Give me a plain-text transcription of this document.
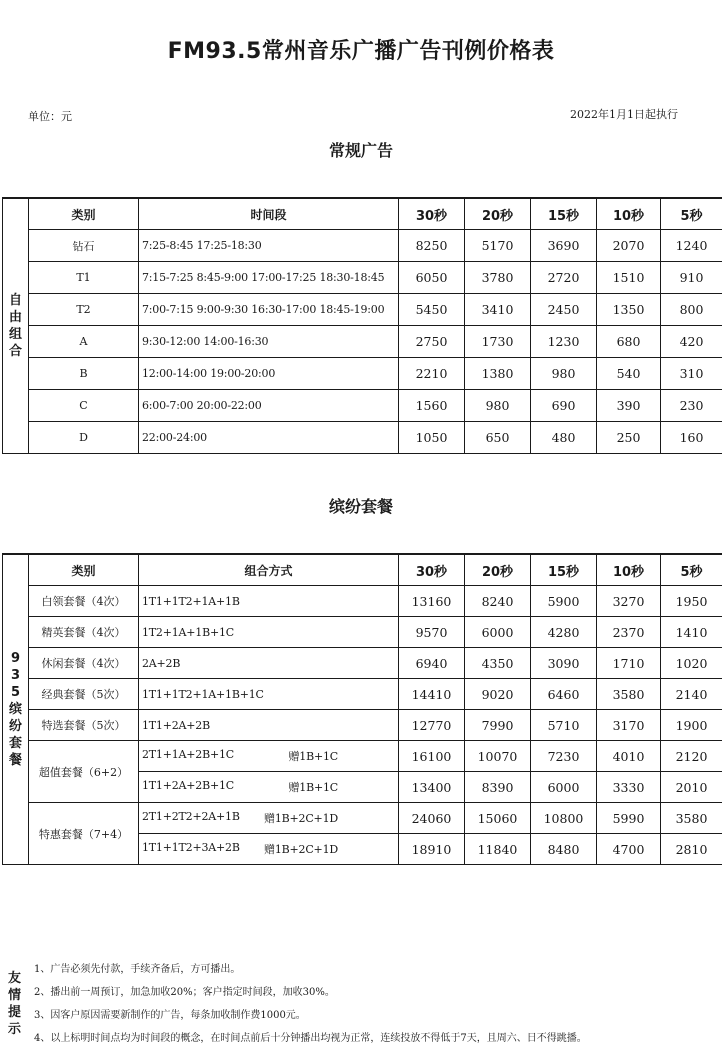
FM93.5常州音乐广播广告刊例价格表
单位：元	2022年1月1日起执行
常规广告
自由组合	类别	时间段	30秒	20秒	15秒	10秒	5秒
	钻石	7:25-8:45 17:25-18:30	8250	5170	3690	2070	1240
	T1	7:15-7:25 8:45-9:00 17:00-17:25 18:30-18:45	6050	3780	2720	1510	910
	T2	7:00-7:15 9:00-9:30 16:30-17:00 18:45-19:00	5450	3410	2450	1350	800
	A	9:30-12:00 14:00-16:30	2750	1730	1230	680	420
	B	12:00-14:00 19:00-20:00	2210	1380	980	540	310
	C	6:00-7:00 20:00-22:00	1560	980	690	390	230
	D	22:00-24:00	1050	650	480	250	160
缤纷套餐
935缤纷套餐	类别	组合方式	30秒	20秒	15秒	10秒	5秒
	白领套餐（4次）	1T1+1T2+1A+1B	13160	8240	5900	3270	1950
	精英套餐（4次）	1T2+1A+1B+1C	9570	6000	4280	2370	1410
	休闲套餐（4次）	2A+2B	6940	4350	3090	1710	1020
	经典套餐（5次）	1T1+1T2+1A+1B+1C	14410	9020	6460	3580	2140
	特选套餐（5次）	1T1+2A+2B	12770	7990	5710	3170	1900
	超值套餐（6+2）	2T1+1A+2B+1C 赠1B+1C	16100	10070	7230	4010	2120

		1T1+2A+2B+1C 赠1B+1C	13400	8390	6000	3330	2010
	特惠套餐（7+4）	2T1+2T2+2A+1B 赠1B+2C+1D	24060	15060	10800	5990	3580

		1T1+1T2+3A+2B 赠1B+2C+1D	18910	11840	8480	4700	2810
友情提示
1、广告必须先付款，手续齐备后，方可播出。
2、播出前一周预订，加急加收20%；客户指定时间段，加收30%。
3、因客户原因需要新制作的广告，每条加收制作费1000元。
4、以上标明时间点均为时间段的概念，在时间点前后十分钟播出均视为正常，连续投放不得低于7天，且周六、日不得跳播。
